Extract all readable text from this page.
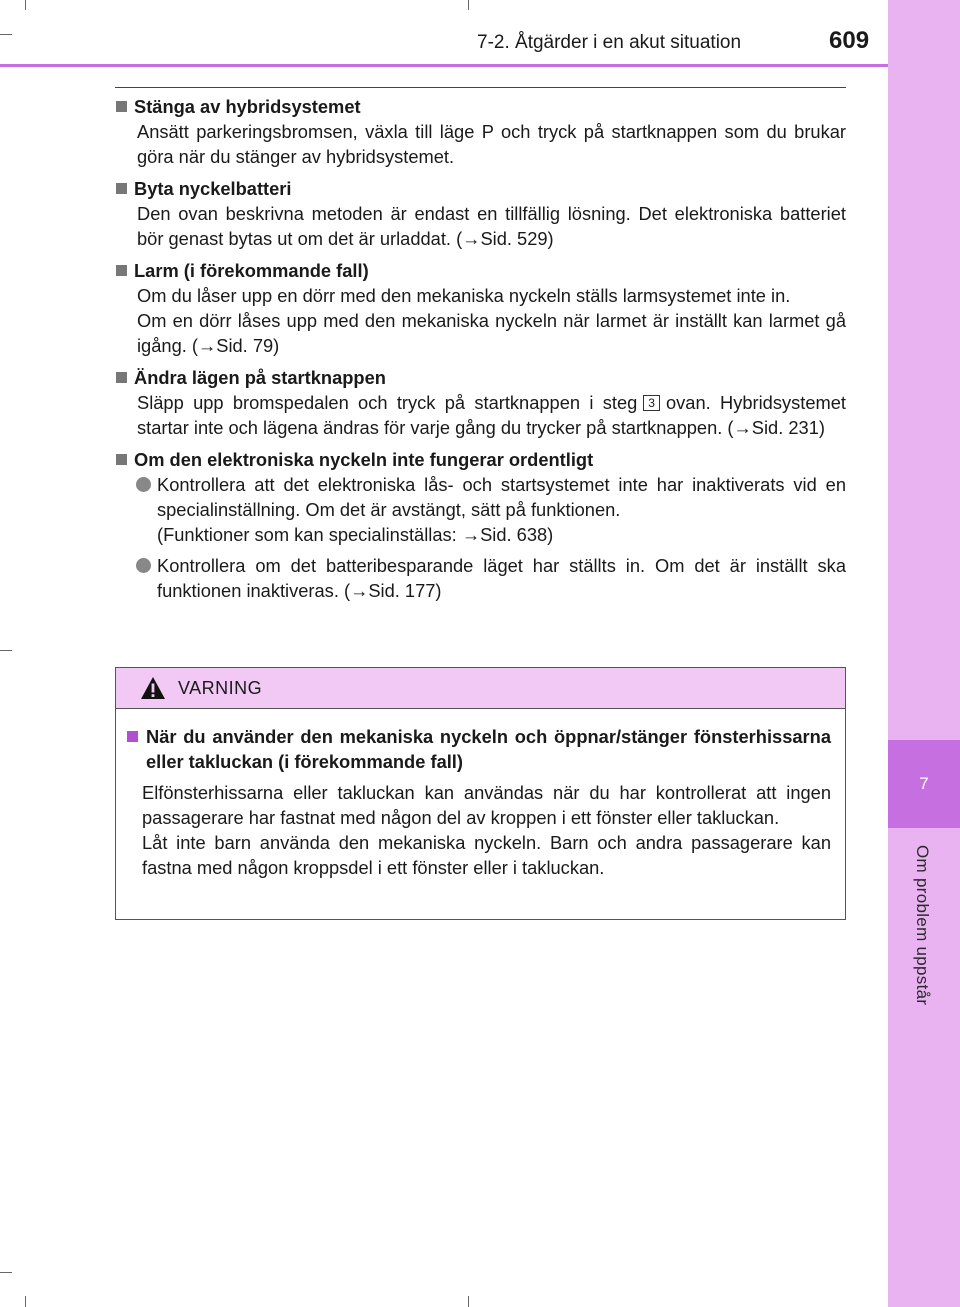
7
Om problem uppstår
7-2. Åtgärder i en akut situation	609
Stänga av hybridsystemet
Ansätt parkeringsbromsen, växla till läge P och tryck på startknappen som du brukar göra när du stänger av hybridsystemet.
Byta nyckelbatteri
Den ovan beskrivna metoden är endast en tillfällig lösning. Det elektroniska batteriet bör genast bytas ut om det är urladdat. (→Sid. 529)
Larm (i förekommande fall)
Om du låser upp en dörr med den mekaniska nyckeln ställs larmsystemet inte in.
Om en dörr låses upp med den mekaniska nyckeln när larmet är inställt kan larmet gå igång. (→Sid. 79)
Ändra lägen på startknappen
Släpp upp bromspedalen och tryck på startknappen i steg 3 ovan. Hybridsystemet startar inte och lägena ändras för varje gång du trycker på startknappen. (→Sid. 231)
Om den elektroniska nyckeln inte fungerar ordentligt
Kontrollera att det elektroniska lås- och startsystemet inte har inaktiverats vid en specialinställning. Om det är avstängt, sätt på funktionen.
(Funktioner som kan specialinställas: →Sid. 638)
Kontrollera om det batteribesparande läget har ställts in. Om det är inställt ska funktionen inaktiveras. (→Sid. 177)
VARNING
När du använder den mekaniska nyckeln och öppnar/stänger fönsterhissarna eller takluckan (i förekommande fall)
Elfönsterhissarna eller takluckan kan användas när du har kontrollerat att ingen passagerare har fastnat med någon del av kroppen i ett fönster eller takluckan.
Låt inte barn använda den mekaniska nyckeln. Barn och andra passagerare kan fastna med någon kroppsdel i ett fönster eller i takluckan.
